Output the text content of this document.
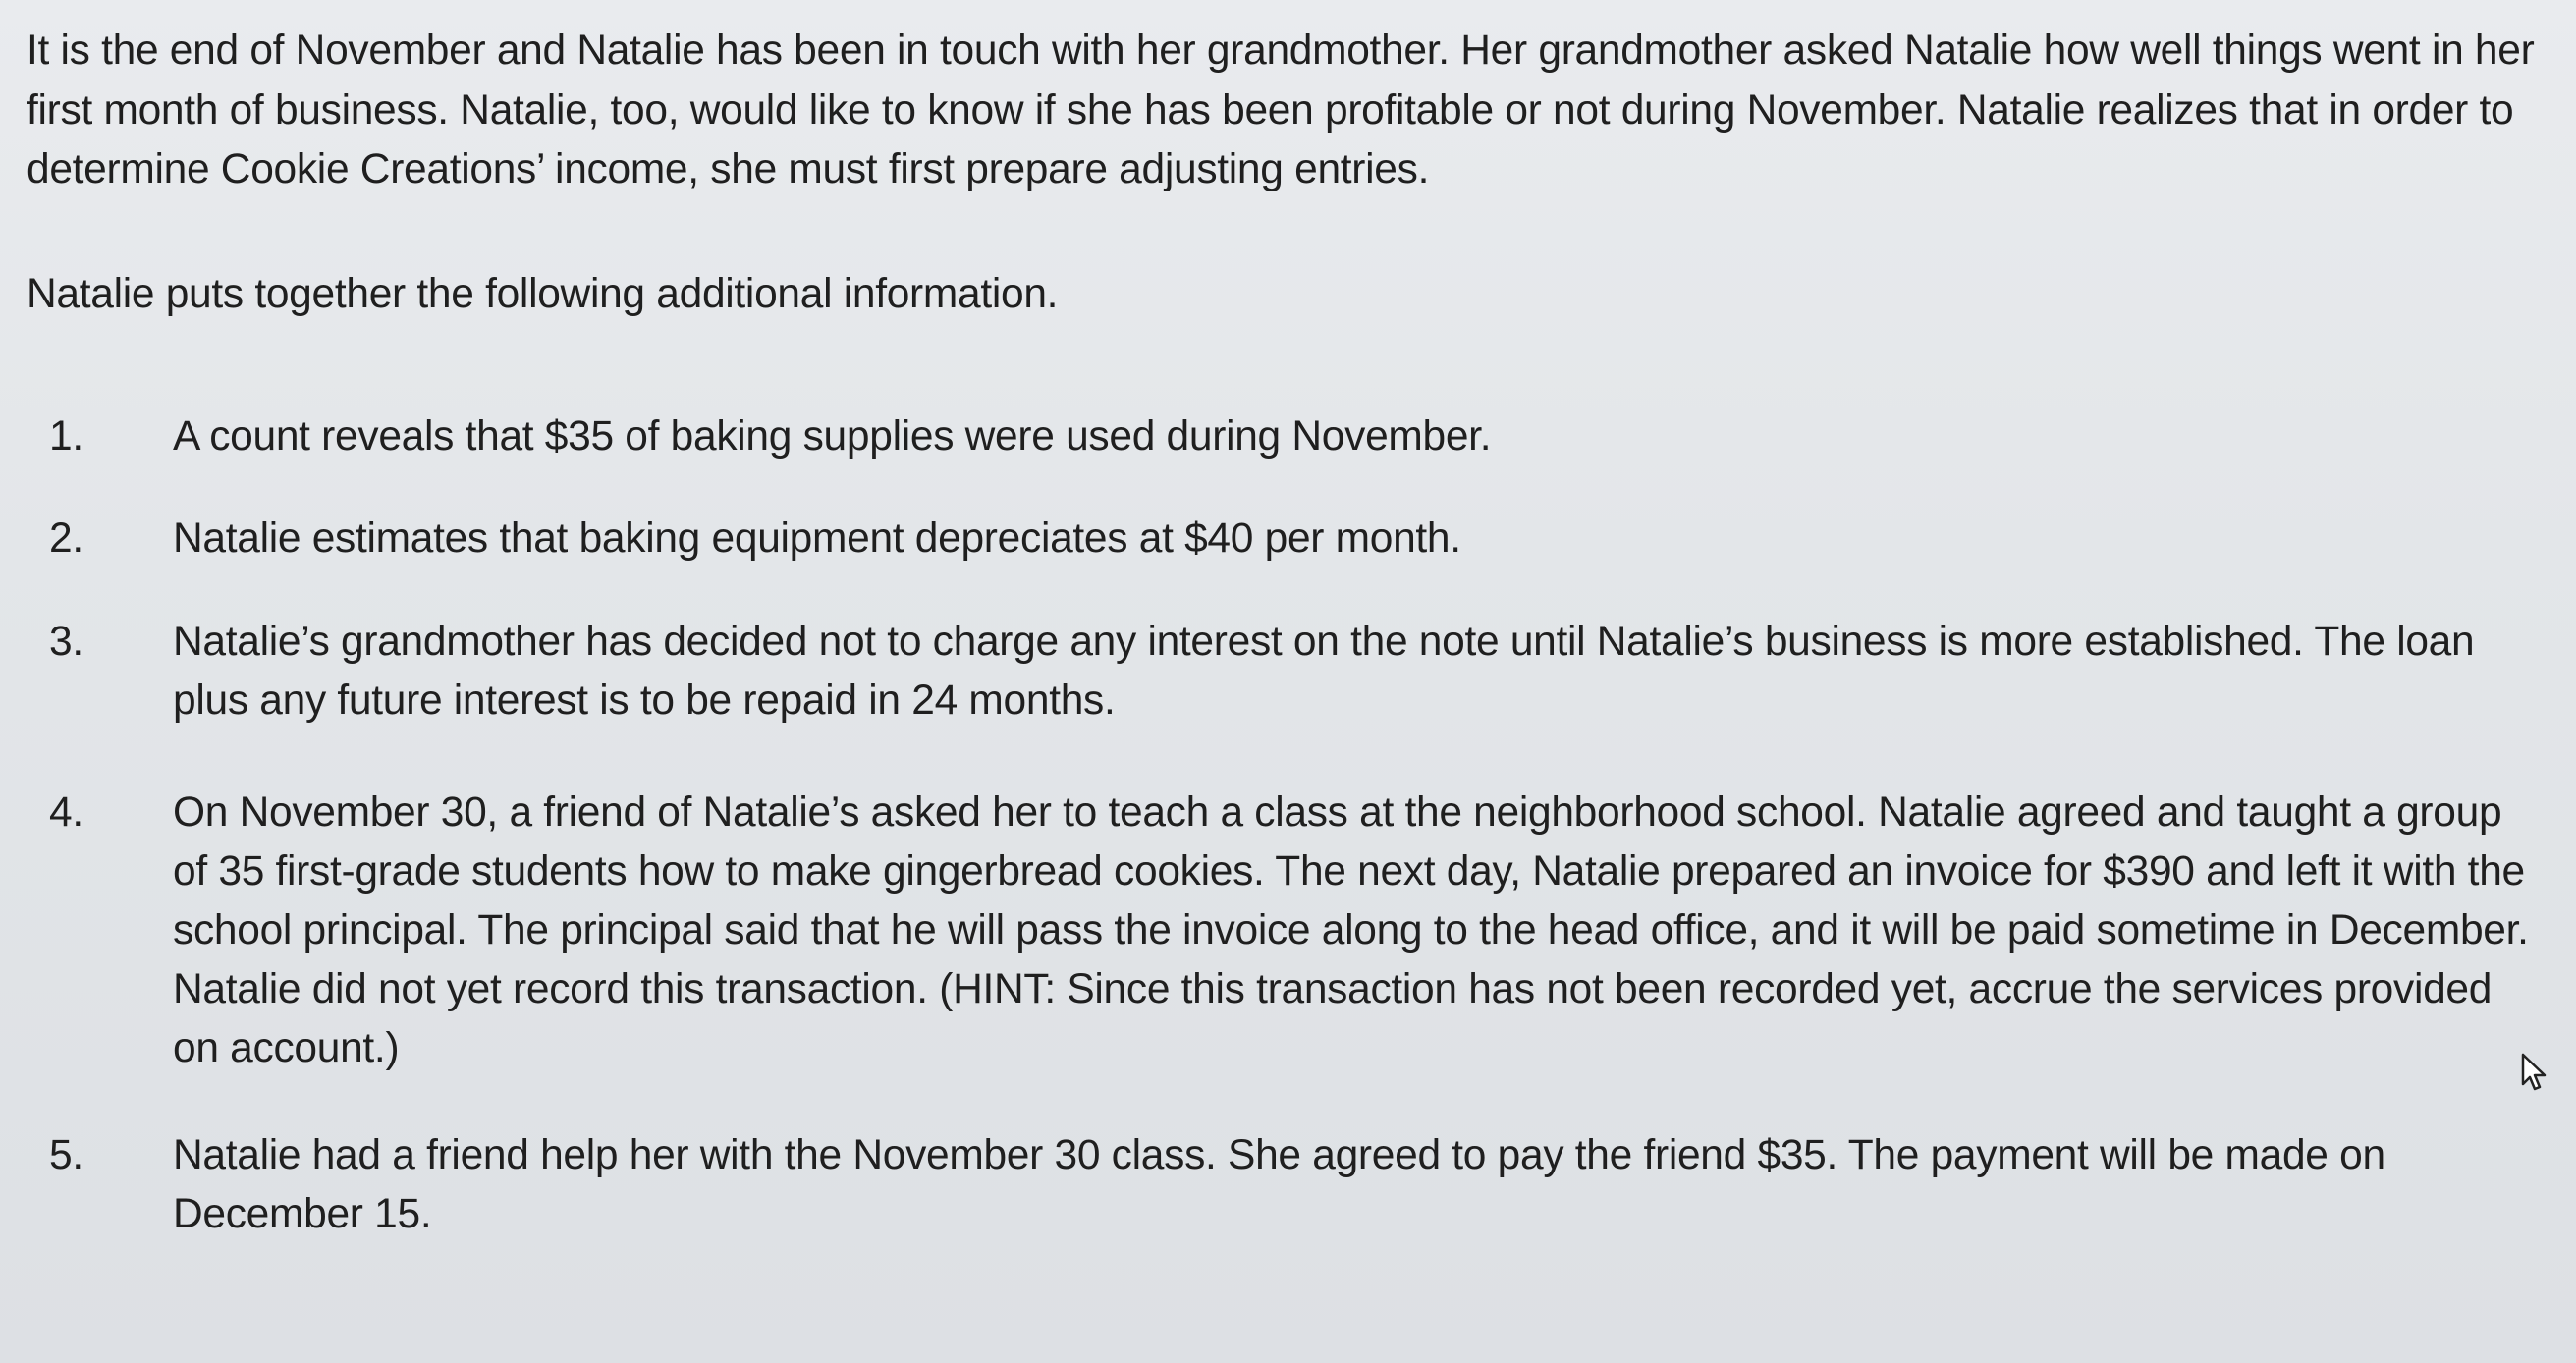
It is the end of November and Natalie has been in touch with her grandmother. Her grandmother asked Natalie how well things went in her first month of business. Natalie, too, would like to know if she has been profitable or not during November. Natalie realizes that in order to determine Cookie Creations’ income, she must first prepare adjusting entries.

Natalie puts together the following additional information.

1.	A count reveals that $35 of baking supplies were used during November.
2.	Natalie estimates that baking equipment depreciates at $40 per month.
3.	Natalie’s grandmother has decided not to charge any interest on the note until Natalie’s business is more established. The loan plus any future interest is to be repaid in 24 months.
4.	On November 30, a friend of Natalie’s asked her to teach a class at the neighborhood school. Natalie agreed and taught a group of 35 first-grade students how to make gingerbread cookies. The next day, Natalie prepared an invoice for $390 and left it with the school principal. The principal said that he will pass the invoice along to the head office, and it will be paid sometime in December. Natalie did not yet record this transaction. (HINT: Since this transaction has not been recorded yet, accrue the services provided on account.)
5.	Natalie had a friend help her with the November 30 class. She agreed to pay the friend $35. The payment will be made on December 15.
